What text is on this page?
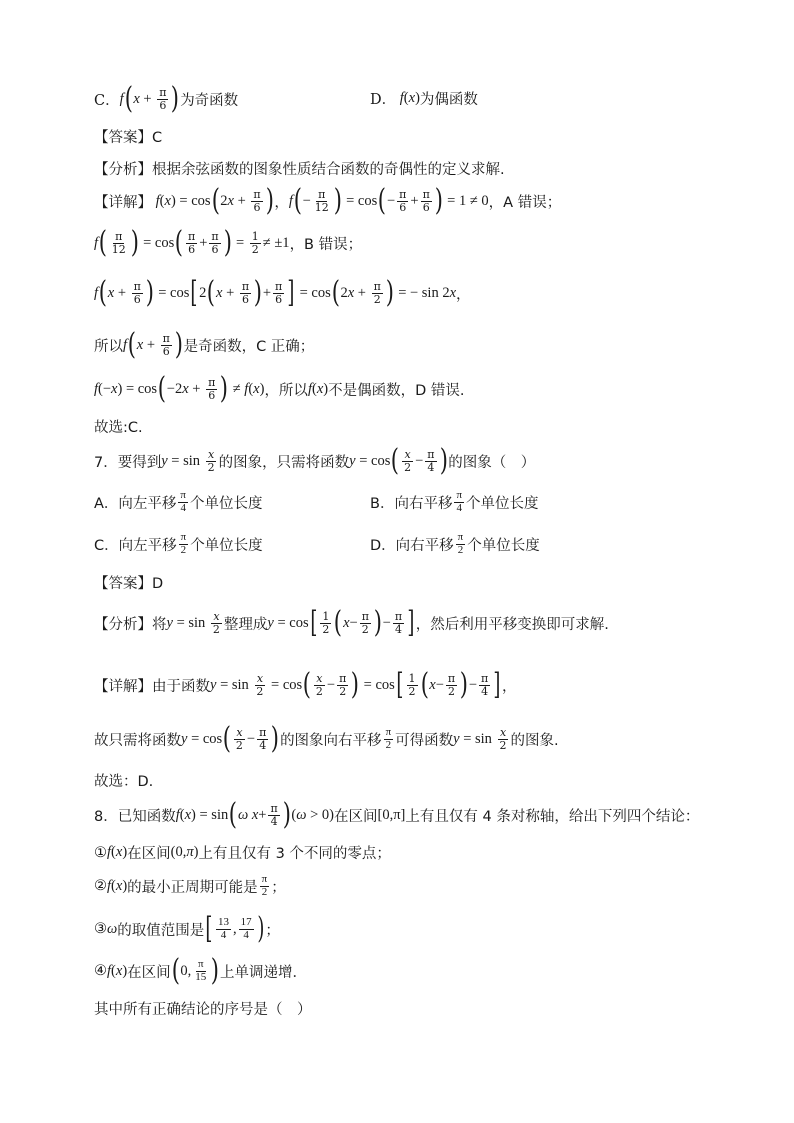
C． f ( $x + \frac{\pi}{6}$ ) 为奇函数	D． f ( x ) 为偶函数
【答案】C
【分析】根据余弦函数的图象性质结合函数的奇偶性的定义求解.
【详解】 f ( x ) = cos ( 2 $x + \frac{\pi}{6}$ ) ， f ( − $\frac{\pi}{12}$ ) = cos ( − $\frac{\pi}{6} + \frac{\pi}{6}$ ) = 1 ≠ 0 ，A 错误；
f ( π
12 ) = cos ( π
$6 + \frac{\pi}{6}$ ) = $\frac{1}{2} \ne \pm 1$ ，B 错误；
f ( $x + \frac{\pi}{6}$ ) = cos [ 2 ( $x + \frac{\pi}{6}$ ) + $\frac{\pi}{6}$ ] = cos ( 2 $x + \frac{\pi}{2}$ ) = − sin 2 x ，
所以 f ( $x + \frac{\pi}{6}$ ) 是奇函数，C 正确；
f (− x ) = cos ( −2 $x + \frac{\pi}{6}$ ) ≠ f ( x ) ，所以 f ( x ) 不是偶函数，D 错误.
故选:C.
7．要得到 y = sin x
2 的图象，只需将函数 y = cos ( x
$2 - \frac{\pi}{4}$ ) 的图象（　）
A．向左平移
π
4 个单位长度	B．向右平移
π
4 个单位长度
C．向左平移
π
2 个单位长度	D．向右平移
π
2 个单位长度
【答案】D
【分析】将 y = sin x
2 整理成 y = cos [ 1
2 ( $x - \frac{\pi}{2}$ ) − $\frac{\pi}{4}$ ] ，然后利用平移变换即可求解.
【详解】由于函数 $y = \sin \frac{x}{2} = \cos$ ( x
$2 - \frac{\pi}{2}$ ) = cos [ 1
2 ( $x - \frac{\pi}{2}$ ) − $\frac{\pi}{4}$ ] ，
故只需将函数 y = cos ( x
$2 - \frac{\pi}{4}$ ) 的图象向右平移
π
2 可得函数 y = sin x
2 的图象.
故选：D.
8．已知函数 f ( x ) = sin ( ω $x + \frac{\pi}{4}$ ) ( ω > 0) 在区间 [0,π] 上有且仅有 4 条对称轴，给出下列四个结论：
① f ( x ) 在区间 (0, π ) 上有且仅有 3 个不同的零点；
② f ( x ) 的最小正周期可能是
π
2 ；
③ ω 的取值范围是 [ 13
4 , 17
4 ) ；
④ f ( x ) 在区间 ( 0, π
15 ) 上单调递增．
其中所有正确结论的序号是（　）
